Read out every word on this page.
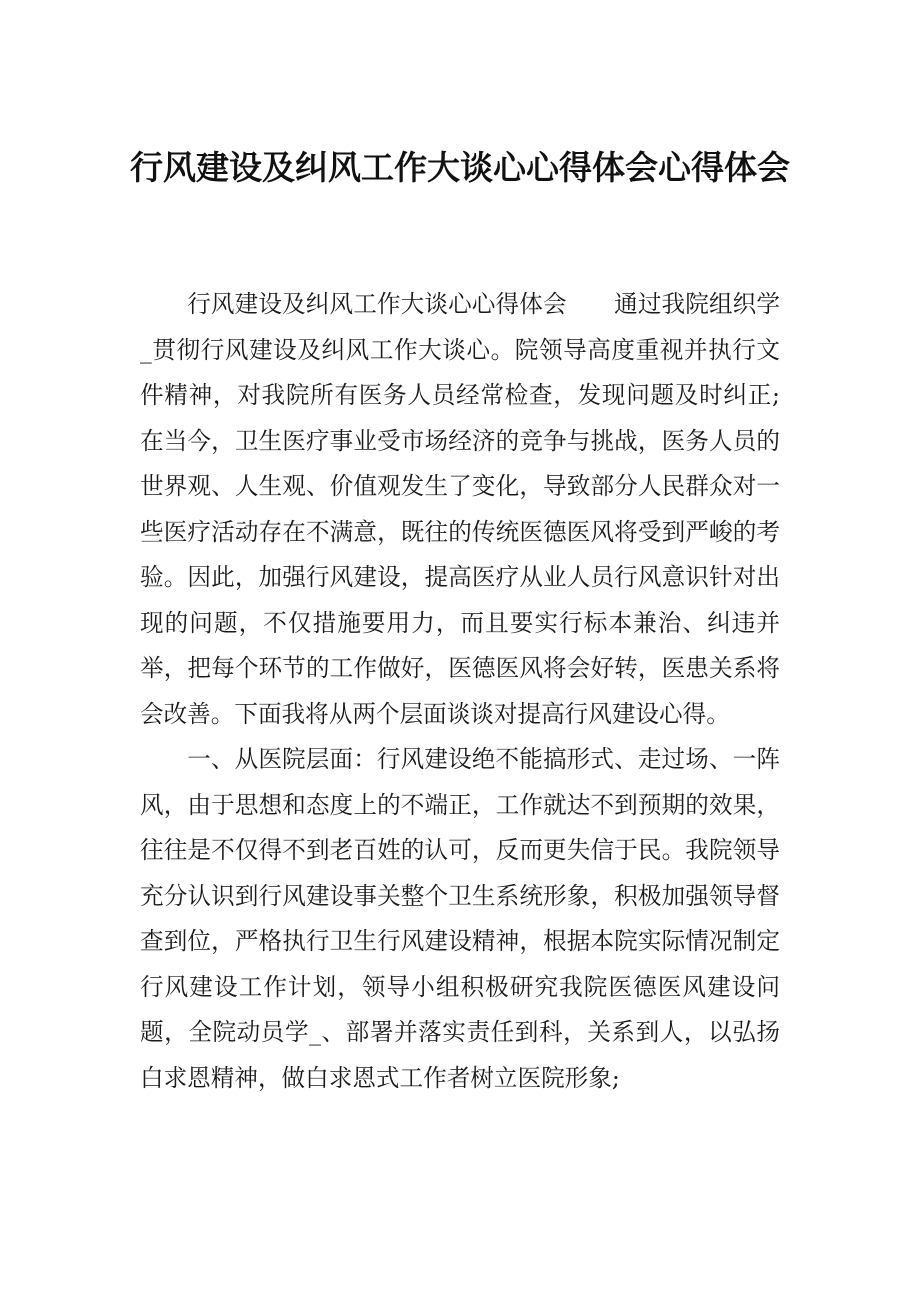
行风建设及纠风工作大谈心心得体会心得体会

行风建设及纠风工作大谈心心得体会　　通过我院组织学_贯彻行风建设及纠风工作大谈心。院领导高度重视并执行文件精神，对我院所有医务人员经常检查，发现问题及时纠正;在当今，卫生医疗事业受市场经济的竞争与挑战，医务人员的世界观、人生观、价值观发生了变化，导致部分人民群众对一些医疗活动存在不满意，既往的传统医德医风将受到严峻的考验。因此，加强行风建设，提高医疗从业人员行风意识针对出现的问题，不仅措施要用力，而且要实行标本兼治、纠违并举，把每个环节的工作做好，医德医风将会好转，医患关系将会改善。下面我将从两个层面谈谈对提高行风建设心得。

一、从医院层面：行风建设绝不能搞形式、走过场、一阵风，由于思想和态度上的不端正，工作就达不到预期的效果，往往是不仅得不到老百姓的认可，反而更失信于民。我院领导充分认识到行风建设事关整个卫生系统形象，积极加强领导督查到位，严格执行卫生行风建设精神，根据本院实际情况制定行风建设工作计划，领导小组积极研究我院医德医风建设问题，全院动员学_、部署并落实责任到科，关系到人，以弘扬白求恩精神，做白求恩式工作者树立医院形象;
